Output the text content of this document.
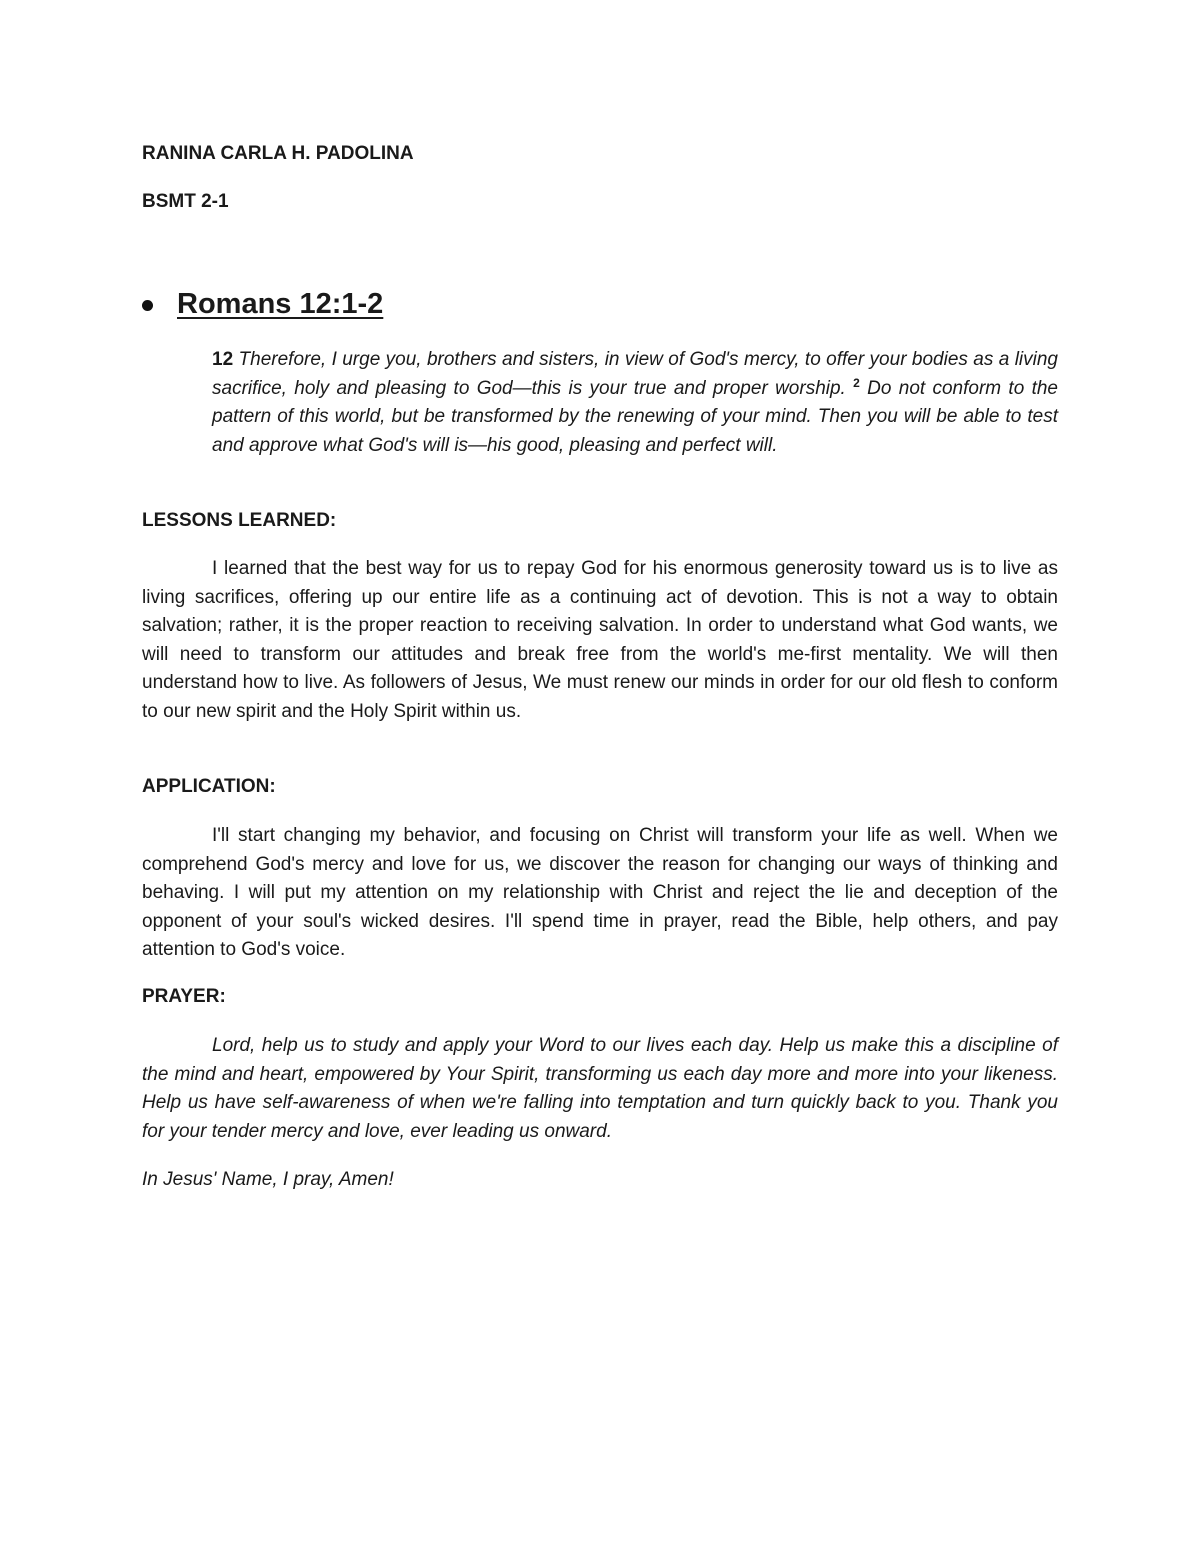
RANINA CARLA H. PADOLINA
BSMT 2-1
Romans 12:1-2
12 Therefore, I urge you, brothers and sisters, in view of God's mercy, to offer your bodies as a living sacrifice, holy and pleasing to God—this is your true and proper worship. $^2$ Do not conform to the pattern of this world, but be transformed by the renewing of your mind. Then you will be able to test and approve what God's will is—his good, pleasing and perfect will.
LESSONS LEARNED:
I learned that the best way for us to repay God for his enormous generosity toward us is to live as living sacrifices, offering up our entire life as a continuing act of devotion. This is not a way to obtain salvation; rather, it is the proper reaction to receiving salvation. In order to understand what God wants, we will need to transform our attitudes and break free from the world's me-first mentality. We will then understand how to live. As followers of Jesus, We must renew our minds in order for our old flesh to conform to our new spirit and the Holy Spirit within us.
APPLICATION:
I'll start changing my behavior, and focusing on Christ will transform your life as well. When we comprehend God's mercy and love for us, we discover the reason for changing our ways of thinking and behaving. I will put my attention on my relationship with Christ and reject the lie and deception of the opponent of your soul's wicked desires. I'll spend time in prayer, read the Bible, help others, and pay attention to God's voice.
PRAYER:
Lord, help us to study and apply your Word to our lives each day. Help us make this a discipline of the mind and heart, empowered by Your Spirit, transforming us each day more and more into your likeness. Help us have self-awareness of when we're falling into temptation and turn quickly back to you. Thank you for your tender mercy and love, ever leading us onward.
In Jesus' Name, I pray, Amen!
